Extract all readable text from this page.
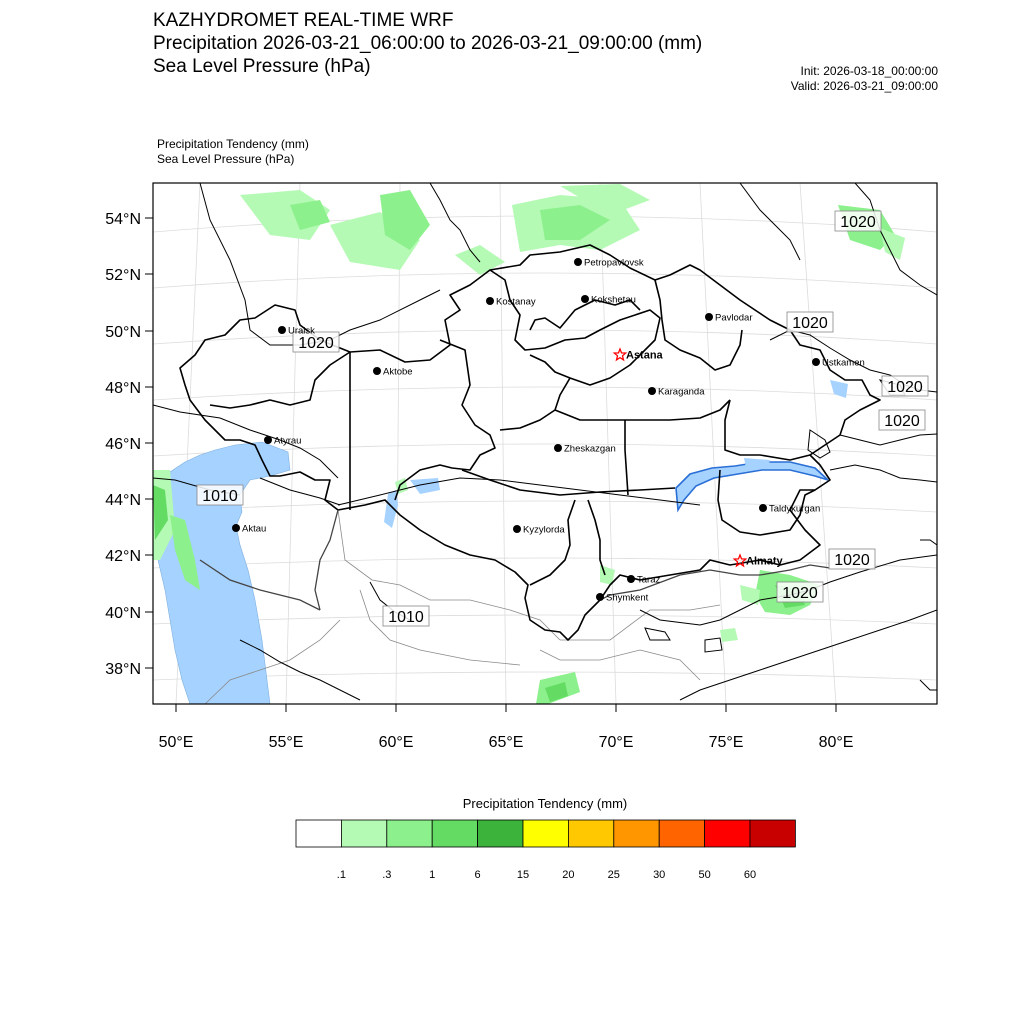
KAZHYDROMET REAL-TIME WRF
Precipitation 2026-03-21_06:00:00 to 2026-03-21_09:00:00 (mm)
Sea Level Pressure (hPa)	Init: 2026-03-18_00:00:00
Valid: 2026-03-21_09:00:00
Precipitation Tendency (mm)
Sea Level Pressure (hPa)
54°N
52°N
50°N
48°N
46°N
44°N
42°N
40°N
38°N
50°E	55°E	60°E	65°E	70°E	75°E	80°E
1020
1020
1020
1020
1020
1020
1010
1010
1020
Petropavlovsk
Kostanay	Kokshetau
Pavlodar
Uralsk
Astana
Aktobe
Ustkamen
Karaganda
Atyrau
Zheskazgan
Aktau	Kyzylorda
Taldykurgan
Almaty
Taraz
Shymkent
Precipitation Tendency (mm)
.1	.3	1	6	15	20	25	30	50	60
